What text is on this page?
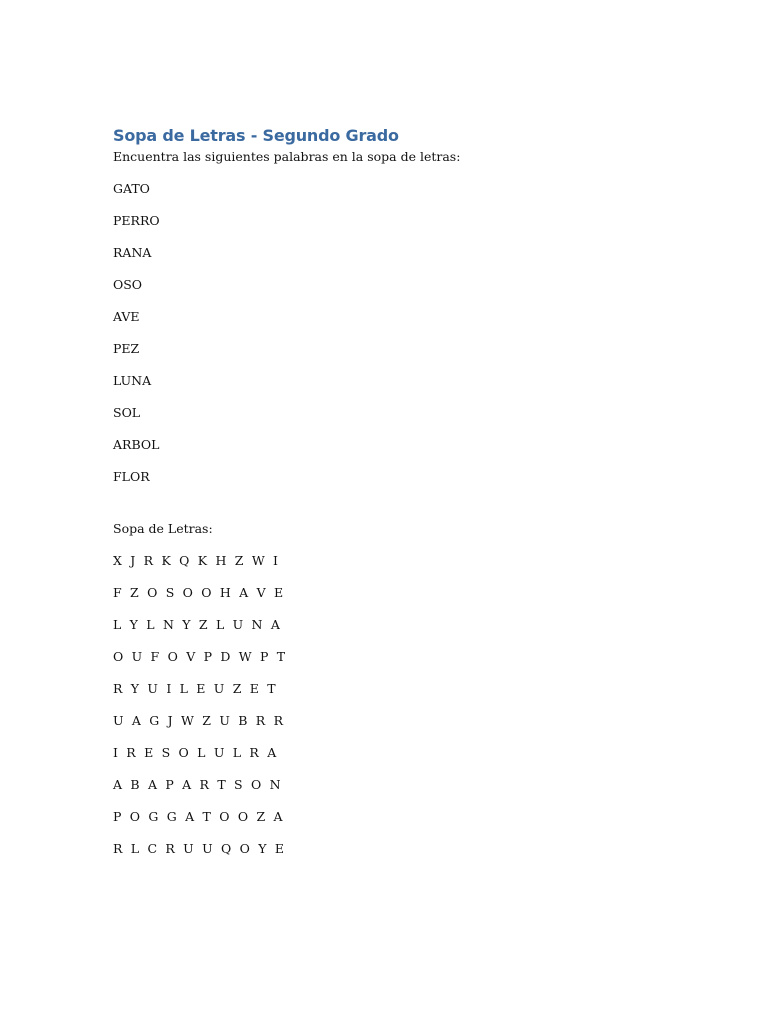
Sopa de Letras - Segundo Grado

Encuentra las siguientes palabras en la sopa de letras:

GATO
PERRO
RANA
OSO
AVE
PEZ
LUNA
SOL
ARBOL
FLOR

Sopa de Letras:

X J R K Q K H Z W I
F Z O S O O H A V E
L Y L N Y Z L U N A
O U F O V P D W P T
R Y U I L E U Z E T
U A G J W Z U B R R
I R E S O L U L R A
A B A P A R T S O N
P O G G A T O O Z A
R L C R U U Q O Y E
